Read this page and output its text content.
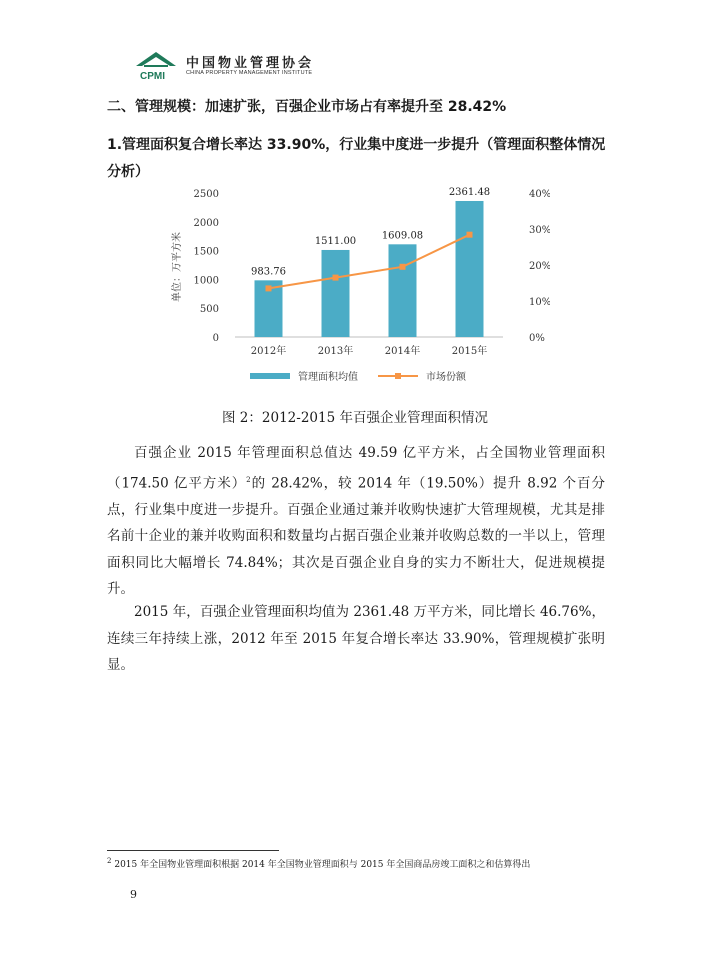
CPMI
中国物业管理协会
CHINA PROPERTY MANAGEMENT INSTITUTE
二、管理规模：加速扩张，百强企业市场占有率提升至 28.42%
1.管理面积复合增长率达 33.90%，行业集中度进一步提升（管理面积整体情况分析）
0
500
1000
1500
2000
2500
0%
10%
20%
30%
40%
单位：万平方米	983.76
2012年
1511.00
2013年
1609.08
2014年
2361.48
2015年
管理面积均值	市场份额
图 2：2012-2015 年百强企业管理面积情况
百强企业 2015 年管理面积总值达 49.59 亿平方米，占全国物业管理面积（174.50 亿平方米）$^2$的 28.42%，较 2014 年（19.50%）提升 8.92 个百分点，行业集中度进一步提升。百强企业通过兼并收购快速扩大管理规模，尤其是排名前十企业的兼并收购面积和数量均占据百强企业兼并收购总数的一半以上，管理面积同比大幅增长 74.84%；其次是百强企业自身的实力不断壮大，促进规模提升。
2015 年，百强企业管理面积均值为 2361.48 万平方米，同比增长 46.76%，连续三年持续上涨，2012 年至 2015 年复合增长率达 33.90%，管理规模扩张明显。
$^2$ 2015 年全国物业管理面积根据 2014 年全国物业管理面积与 2015 年全国商品房竣工面积之和估算得出
9
